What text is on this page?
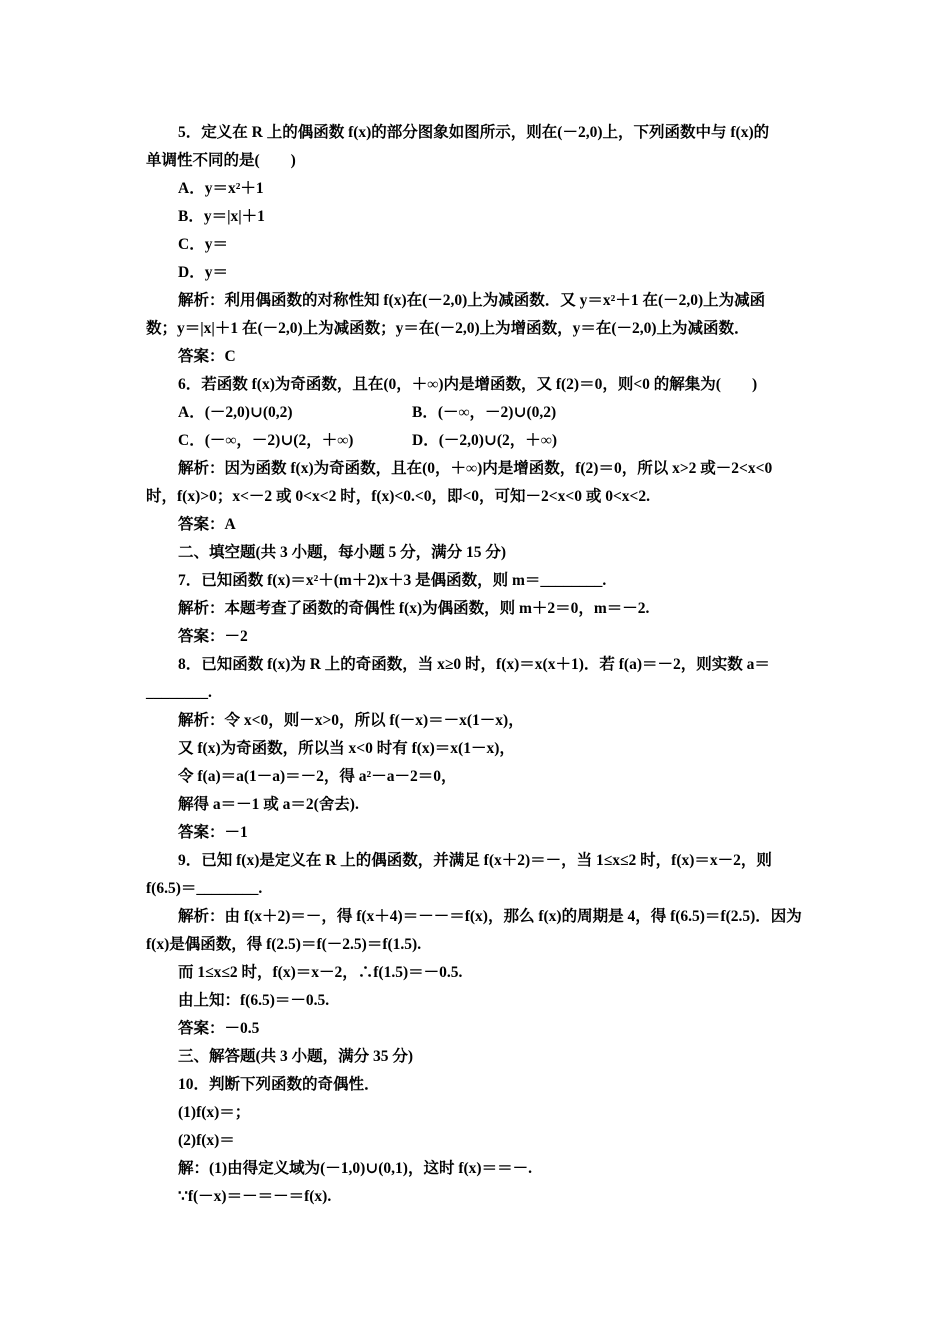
5．定义在 R 上的偶函数 f(x)的部分图象如图所示，则在(－2,0)上，下列函数中与 f(x)的
单调性不同的是(　　)
A．y＝x²＋1
B．y＝|x|＋1
C．y＝
D．y＝
解析：利用偶函数的对称性知 f(x)在(－2,0)上为减函数．又 y＝x²＋1 在(－2,0)上为减函
数；y＝|x|＋1 在(－2,0)上为减函数；y＝在(－2,0)上为增函数，y＝在(－2,0)上为减函数．
答案：C
6．若函数 f(x)为奇函数，且在(0，＋∞)内是增函数，又 f(2)＝0，则<0 的解集为(　　)
A．(－2,0)∪(0,2)	B．(－∞，－2)∪(0,2)
C．(－∞，－2)∪(2，＋∞)	D．(－2,0)∪(2，＋∞)
解析：因为函数 f(x)为奇函数，且在(0，＋∞)内是增函数，f(2)＝0，所以 x>2 或－2<x<0
时，f(x)>0；x<－2 或 0<x<2 时，f(x)<0.<0，即<0，可知－2<x<0 或 0<x<2.
答案：A
二、填空题(共 3 小题，每小题 5 分，满分 15 分)
7．已知函数 f(x)＝x²＋(m＋2)x＋3 是偶函数，则 m＝________.
解析：本题考查了函数的奇偶性 f(x)为偶函数，则 m＋2＝0，m＝－2.
答案：－2
8．已知函数 f(x)为 R 上的奇函数，当 x≥0 时，f(x)＝x(x＋1)．若 f(a)＝－2，则实数 a＝
________.
解析：令 x<0，则－x>0，所以 f(－x)＝－x(1－x)，
又 f(x)为奇函数，所以当 x<0 时有 f(x)＝x(1－x)，
令 f(a)＝a(1－a)＝－2，得 a²－a－2＝0，
解得 a＝－1 或 a＝2(舍去).
答案：－1
9．已知 f(x)是定义在 R 上的偶函数，并满足 f(x＋2)＝－，当 1≤x≤2 时，f(x)＝x－2，则
f(6.5)＝________.
解析：由 f(x＋2)＝－，得 f(x＋4)＝－－＝f(x)，那么 f(x)的周期是 4，得 f(6.5)＝f(2.5)．因为
f(x)是偶函数，得 f(2.5)＝f(－2.5)＝f(1.5).
而 1≤x≤2 时，f(x)＝x－2，∴f(1.5)＝－0.5.
由上知：f(6.5)＝－0.5.
答案：－0.5
三、解答题(共 3 小题，满分 35 分)
10．判断下列函数的奇偶性．
(1)f(x)＝；
(2)f(x)＝
解：(1)由得定义域为(－1,0)∪(0,1)，这时 f(x)＝＝－.
∵f(－x)＝－＝－＝f(x).
